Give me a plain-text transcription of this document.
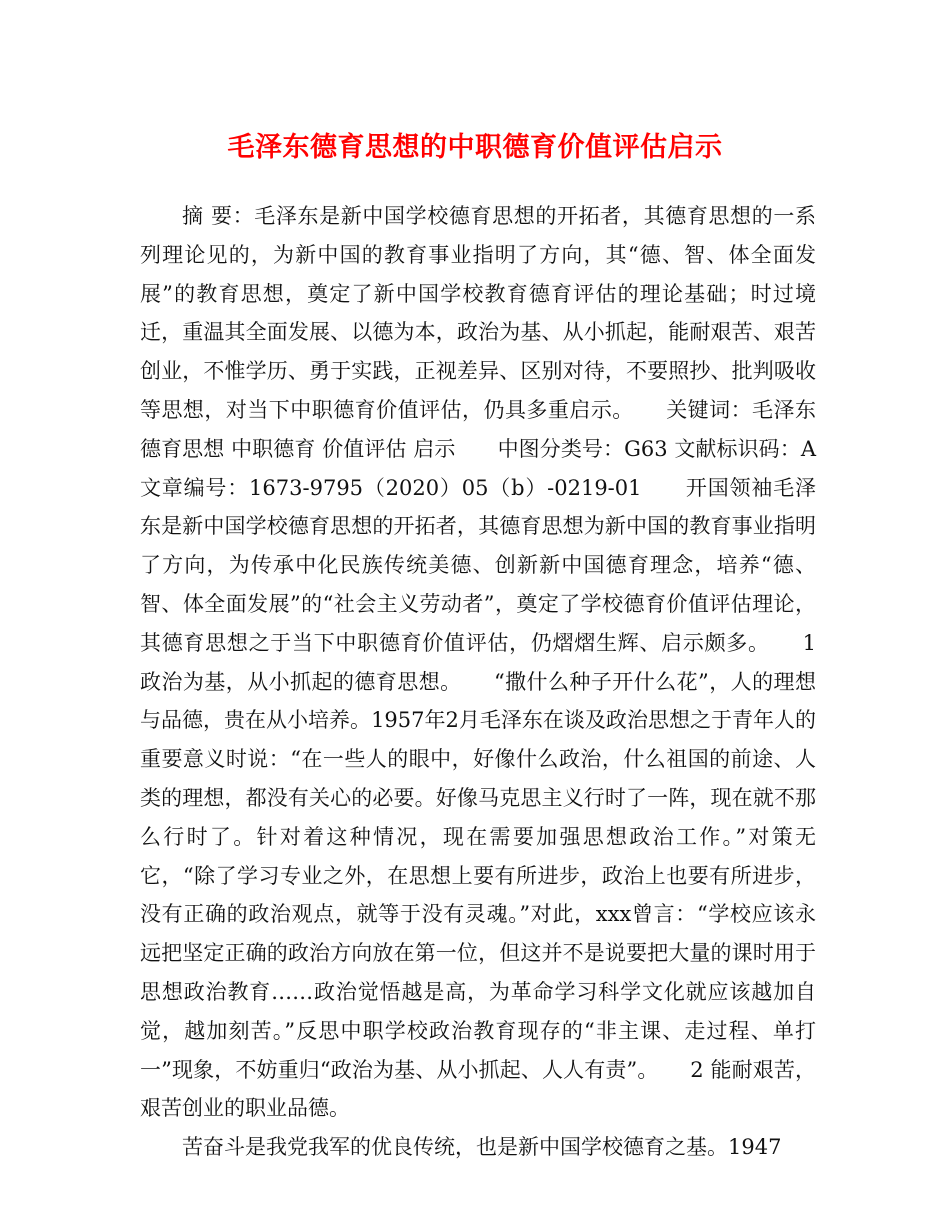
毛泽东德育思想的中职德育价值评估启示

摘 要：毛泽东是新中国学校德育思想的开拓者，其德育思想的一系列理论见的，为新中国的教育事业指明了方向，其“德、智、体全面发展”的教育思想，奠定了新中国学校教育德育评估的理论基础；时过境迁，重温其全面发展、以德为本，政治为基、从小抓起，能耐艰苦、艰苦创业，不惟学历、勇于实践，正视差异、区别对待，不要照抄、批判吸收等思想，对当下中职德育价值评估，仍具多重启示。　　关键词：毛泽东 德育思想 中职德育 价值评估 启示　　中图分类号：G63 文献标识码：A 文章编号：1673-9795（2020）05（b）-0219-01　　开国领袖毛泽东是新中国学校德育思想的开拓者，其德育思想为新中国的教育事业指明了方向，为传承中化民族传统美德、创新新中国德育理念，培养“德、智、体全面发展”的“社会主义劳动者”，奠定了学校德育价值评估理论，其德育思想之于当下中职德育价值评估，仍熠熠生辉、启示颇多。　　1 政治为基，从小抓起的德育思想。　　“撒什么种子开什么花”，人的理想与品德，贵在从小培养。1957年2月毛泽东在谈及政治思想之于青年人的重要意义时说：“在一些人的眼中，好像什么政治，什么祖国的前途、人类的理想，都没有关心的必要。好像马克思主义行时了一阵，现在就不那么行时了。针对着这种情况，现在需要加强思想政治工作。”对策无它，“除了学习专业之外，在思想上要有所进步，政治上也要有所进步，没有正确的政治观点，就等于没有灵魂。”对此，xxx曾言：“学校应该永远把坚定正确的政治方向放在第一位，但这并不是说要把大量的课时用于思想政治教育……政治觉悟越是高，为革命学习科学文化就应该越加自觉，越加刻苦。”反思中职学校政治教育现存的“非主课、走过程、单打一”现象，不妨重归“政治为基、从小抓起、人人有责”。　　2 能耐艰苦，艰苦创业的职业品德。

苦奋斗是我党我军的优良传统，也是新中国学校德育之基。1947
